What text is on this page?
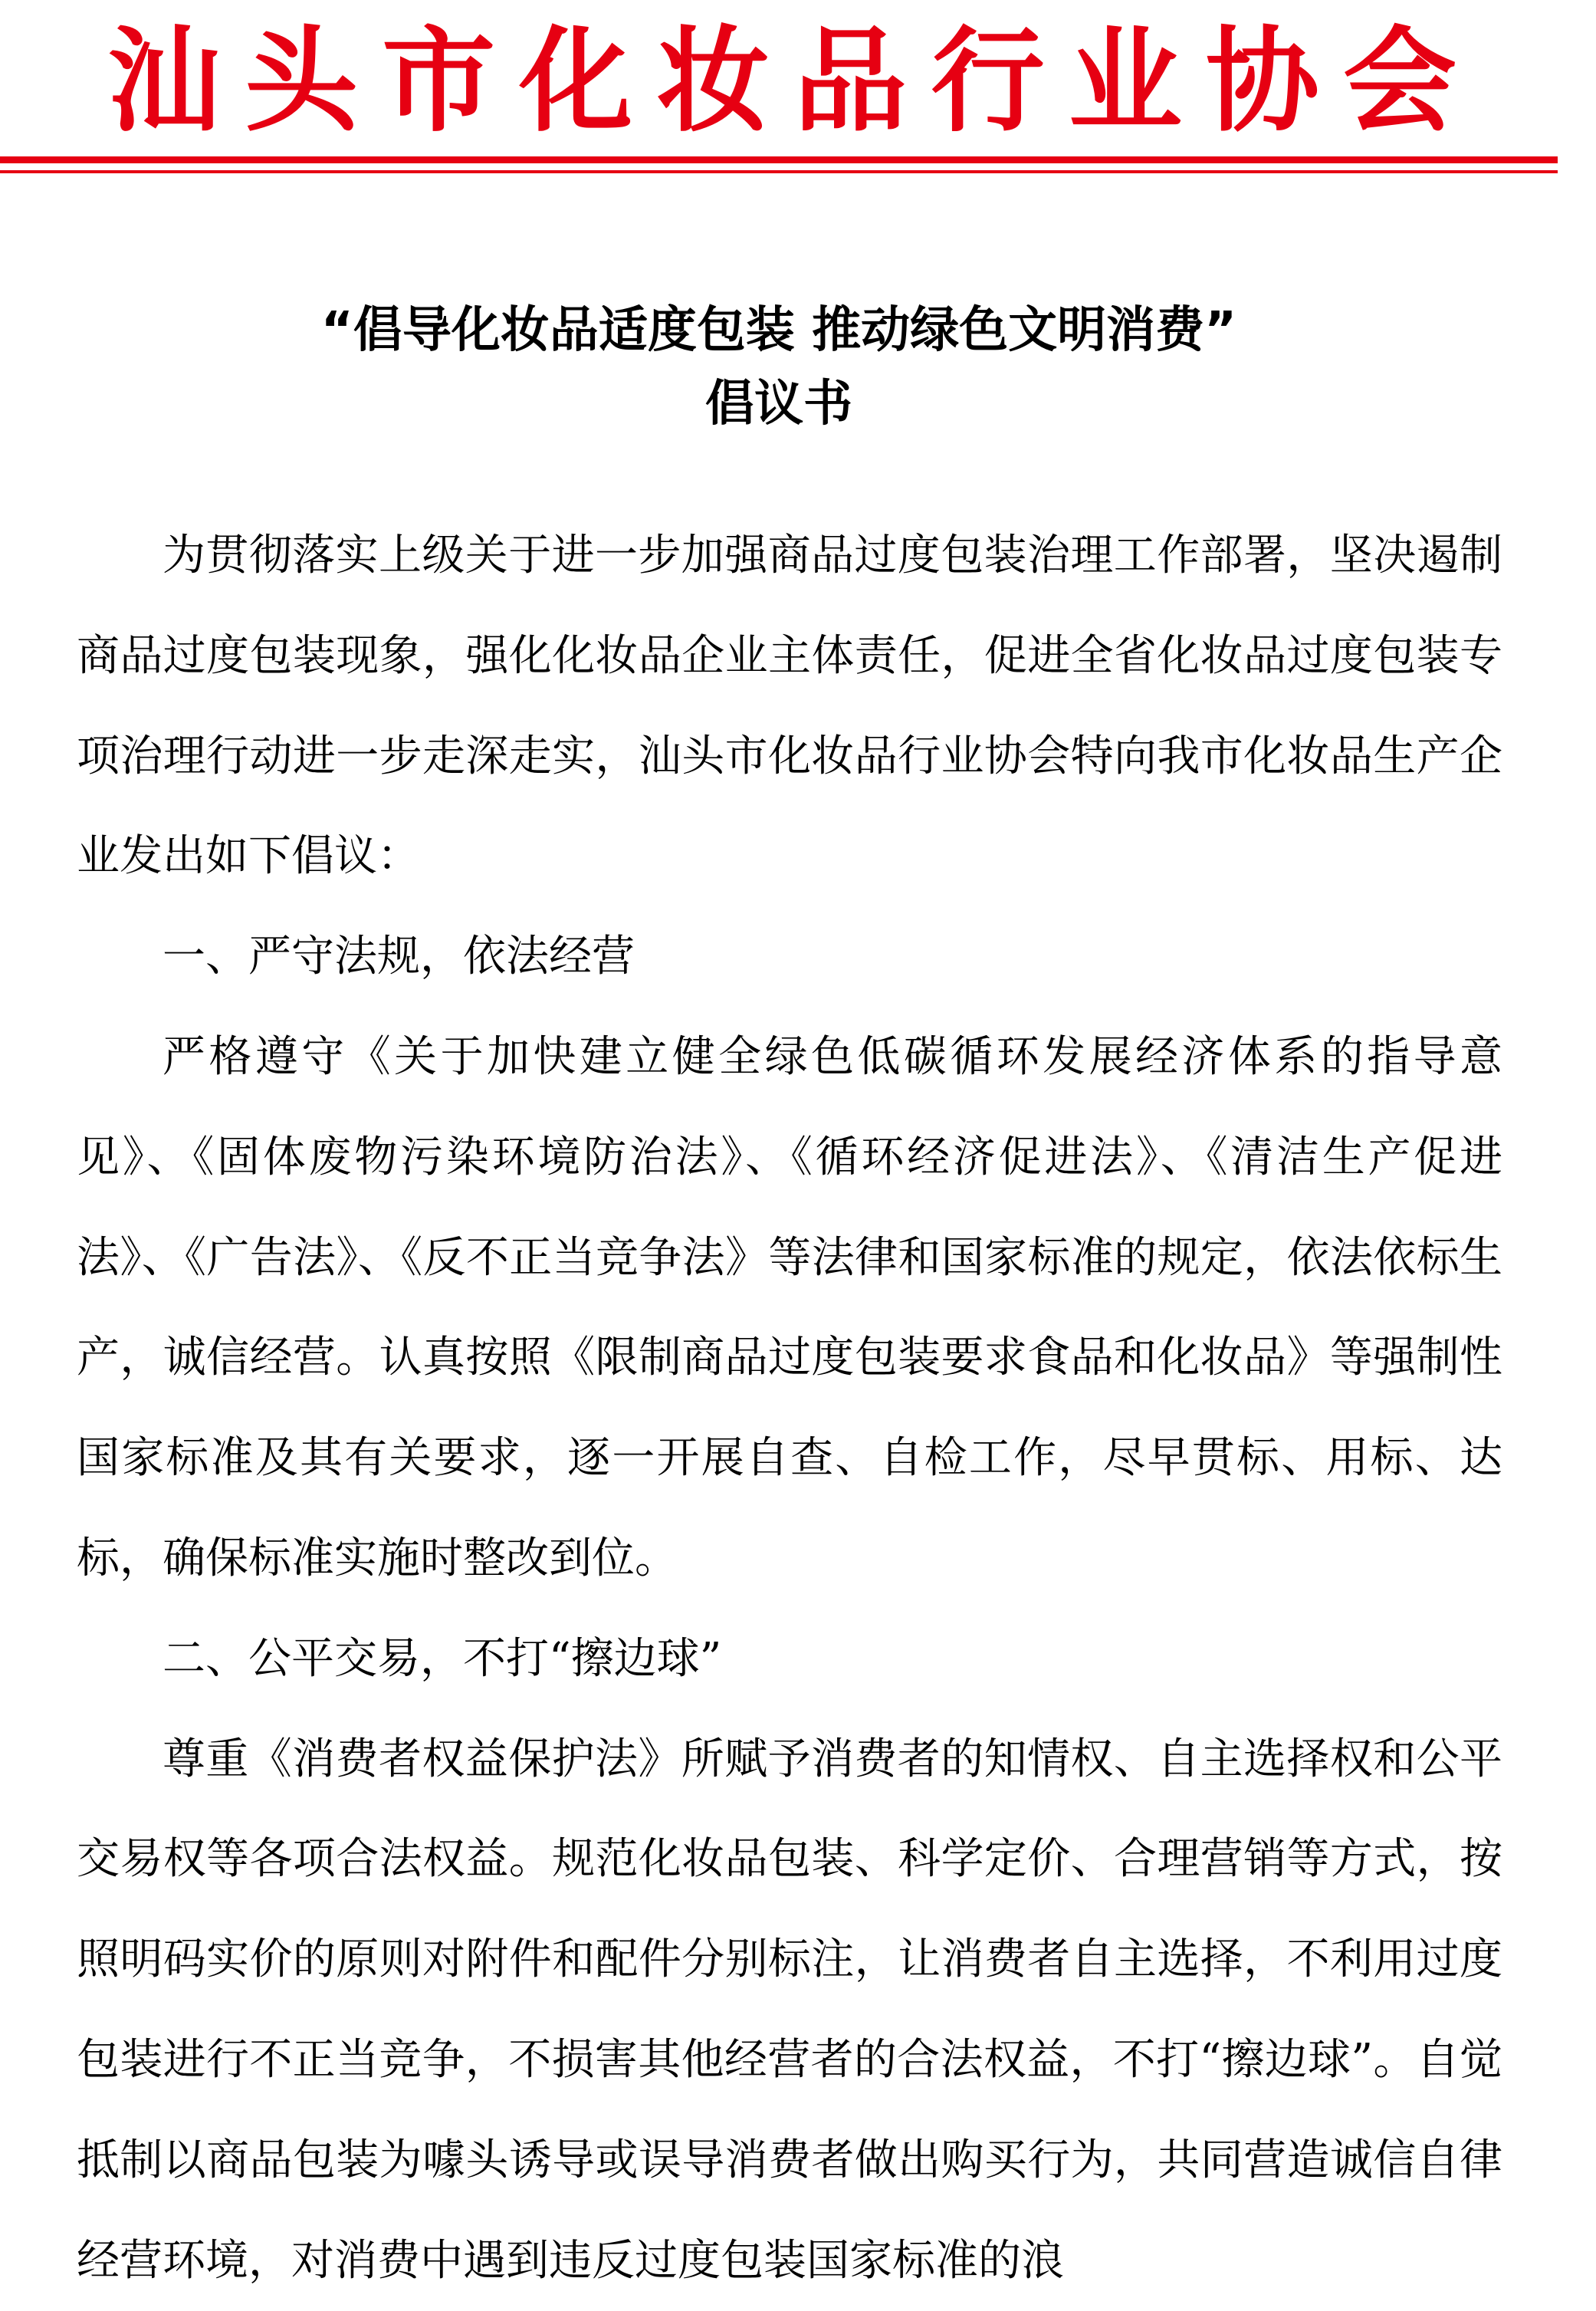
汕 头 市 化 妆 品 行 业 协 会
“倡导化妆品适度包装 推动绿色文明消费”
倡议书

为贯彻落实上级关于进一步加强商品过度包装治理工作部署，坚决遏制商品过度包装现象，强化化妆品企业主体责任，促进全省化妆品过度包装专项治理行动进一步走深走实，汕头市化妆品行业协会特向我市化妆品生产企业发出如下倡议：

一、严守法规，依法经营

严格遵守《关于加快建立健全绿色低碳循环发展经济体系的指导意见》、《固体废物污染环境防治法》、《循环经济促进法》、《清洁生产促进法》、《广告法》、《反不正当竞争法》等法律和国家标准的规定，依法依标生产，诚信经营。认真按照《限制商品过度包装要求食品和化妆品》等强制性国家标准及其有关要求，逐一开展自查、自检工作，尽早贯标、用标、达标，确保标准实施时整改到位。

二、公平交易，不打“擦边球”

尊重《消费者权益保护法》所赋予消费者的知情权、自主选择权和公平交易权等各项合法权益。规范化妆品包装、科学定价、合理营销等方式，按照明码实价的原则对附件和配件分别标注，让消费者自主选择，不利用过度包装进行不正当竞争，不损害其他经营者的合法权益，不打“擦边球”。自觉抵制以商品包装为噱头诱导或误导消费者做出购买行为，共同营造诚信自律经营环境，对消费中遇到违反过度包装国家标准的浪
